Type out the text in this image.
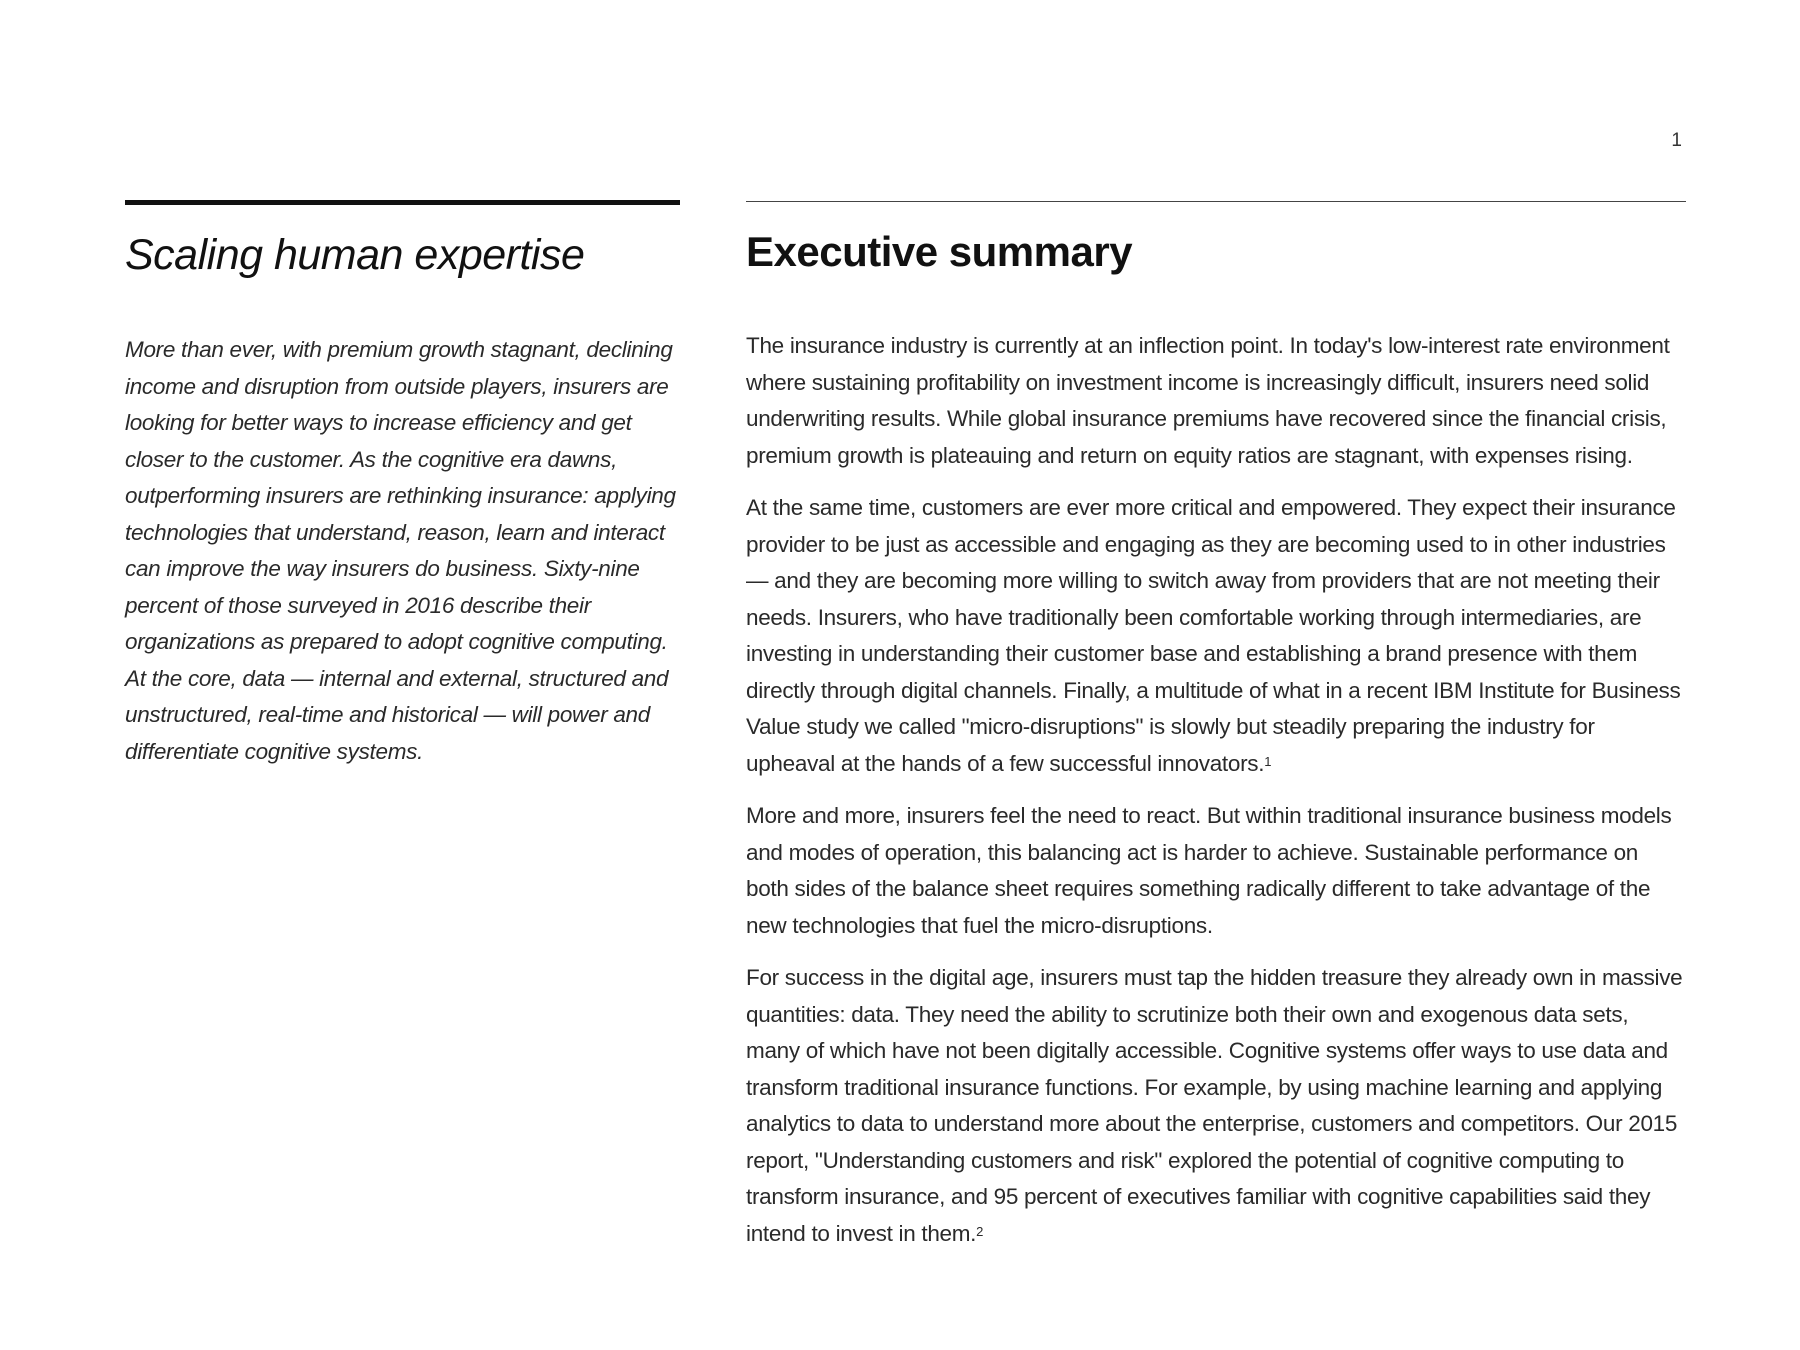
1
Scaling human expertise

More than ever, with premium growth stagnant, declining income and disruption from outside players, insurers are looking for better ways to increase efficiency and get closer to the customer. As the cognitive era dawns, outperforming insurers are rethinking insurance: applying technologies that understand, reason, learn and interact can improve the way insurers do business. Sixty-nine percent of those surveyed in 2016 describe their organizations as prepared to adopt cognitive computing. At the core, data — internal and external, structured and unstructured, real-time and historical — will power and differentiate cognitive systems.

Executive summary

The insurance industry is currently at an inflection point. In today's low-interest rate environment where sustaining profitability on investment income is increasingly difficult, insurers need solid underwriting results. While global insurance premiums have recovered since the financial crisis, premium growth is plateauing and return on equity ratios are stagnant, with expenses rising.

At the same time, customers are ever more critical and empowered. They expect their insurance provider to be just as accessible and engaging as they are becoming used to in other industries — and they are becoming more willing to switch away from providers that are not meeting their needs. Insurers, who have traditionally been comfortable working through intermediaries, are investing in understanding their customer base and establishing a brand presence with them directly through digital channels. Finally, a multitude of what in a recent IBM Institute for Business Value study we called "micro-disruptions" is slowly but steadily preparing the industry for upheaval at the hands of a few successful innovators.$^1$

More and more, insurers feel the need to react. But within traditional insurance business models and modes of operation, this balancing act is harder to achieve. Sustainable performance on both sides of the balance sheet requires something radically different to take advantage of the new technologies that fuel the micro-disruptions.

For success in the digital age, insurers must tap the hidden treasure they already own in massive quantities: data. They need the ability to scrutinize both their own and exogenous data sets, many of which have not been digitally accessible. Cognitive systems offer ways to use data and transform traditional insurance functions. For example, by using machine learning and applying analytics to data to understand more about the enterprise, customers and competitors. Our 2015 report, "Understanding customers and risk" explored the potential of cognitive computing to transform insurance, and 95 percent of executives familiar with cognitive capabilities said they intend to invest in them.$^2$
